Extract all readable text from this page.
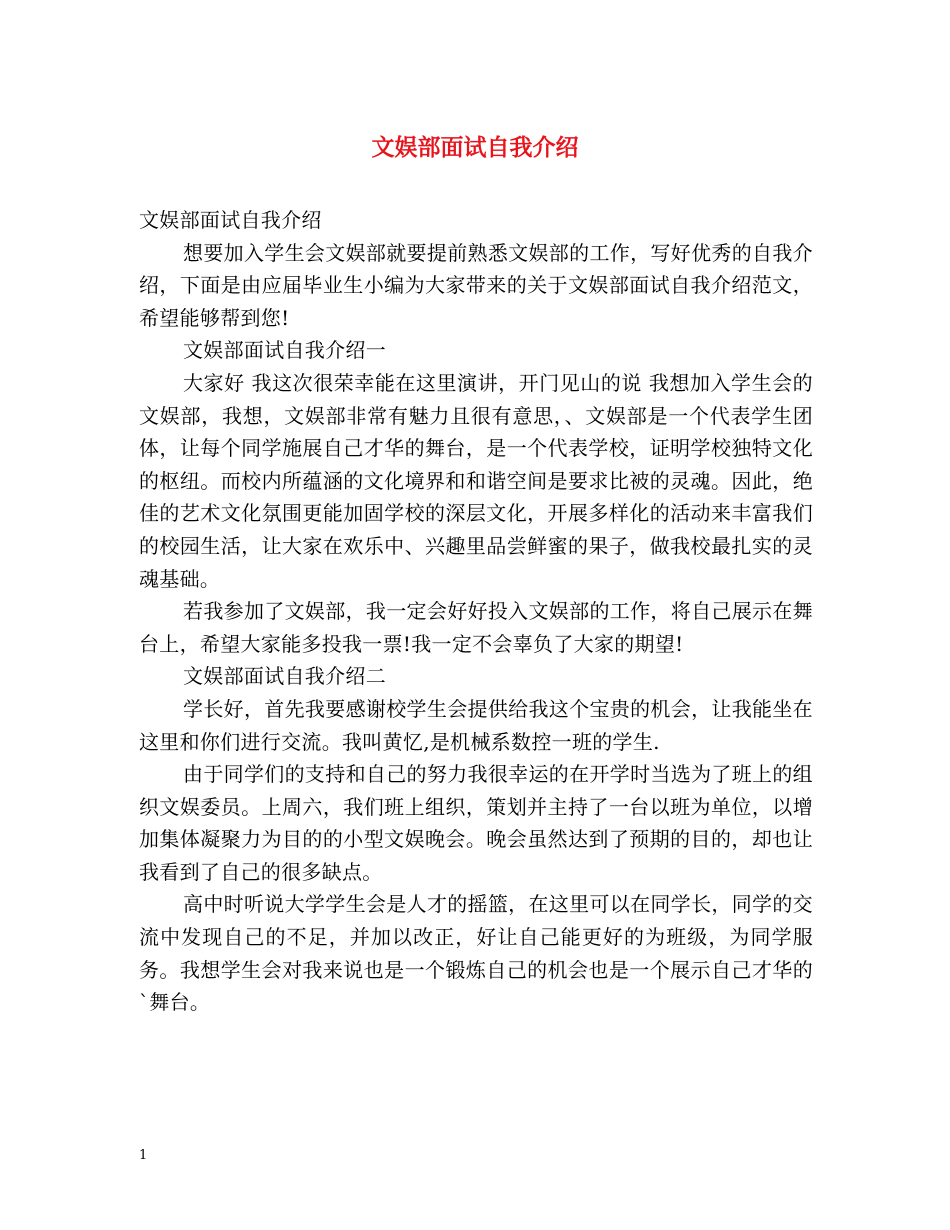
文娱部面试自我介绍

文娱部面试自我介绍

想要加入学生会文娱部就要提前熟悉文娱部的工作，写好优秀的自我介绍，下面是由应届毕业生小编为大家带来的关于文娱部面试自我介绍范文，希望能够帮到您!

文娱部面试自我介绍一

大家好 我这次很荣幸能在这里演讲，开门见山的说 我想加入学生会的文娱部，我想，文娱部非常有魅力且很有意思，、文娱部是一个代表学生团体，让每个同学施展自己才华的舞台，是一个代表学校，证明学校独特文化的枢纽。而校内所蕴涵的文化境界和和谐空间是要求比被的灵魂。因此，绝佳的艺术文化氛围更能加固学校的深层文化，开展多样化的活动来丰富我们的校园生活，让大家在欢乐中、兴趣里品尝鲜蜜的果子，做我校最扎实的灵魂基础。

若我参加了文娱部，我一定会好好投入文娱部的工作，将自己展示在舞台上，希望大家能多投我一票!我一定不会辜负了大家的期望!

文娱部面试自我介绍二

学长好，首先我要感谢校学生会提供给我这个宝贵的机会，让我能坐在这里和你们进行交流。我叫黄忆,是机械系数控一班的学生.

由于同学们的支持和自己的努力我很幸运的在开学时当选为了班上的组织文娱委员。上周六，我们班上组织，策划并主持了一台以班为单位，以增加集体凝聚力为目的的小型文娱晚会。晚会虽然达到了预期的目的，却也让我看到了自己的很多缺点。

高中时听说大学学生会是人才的摇篮，在这里可以在同学长，同学的交流中发现自己的不足，并加以改正，好让自己能更好的为班级，为同学服务。我想学生会对我来说也是一个锻炼自己的机会也是一个展示自己才华的`舞台。

1
